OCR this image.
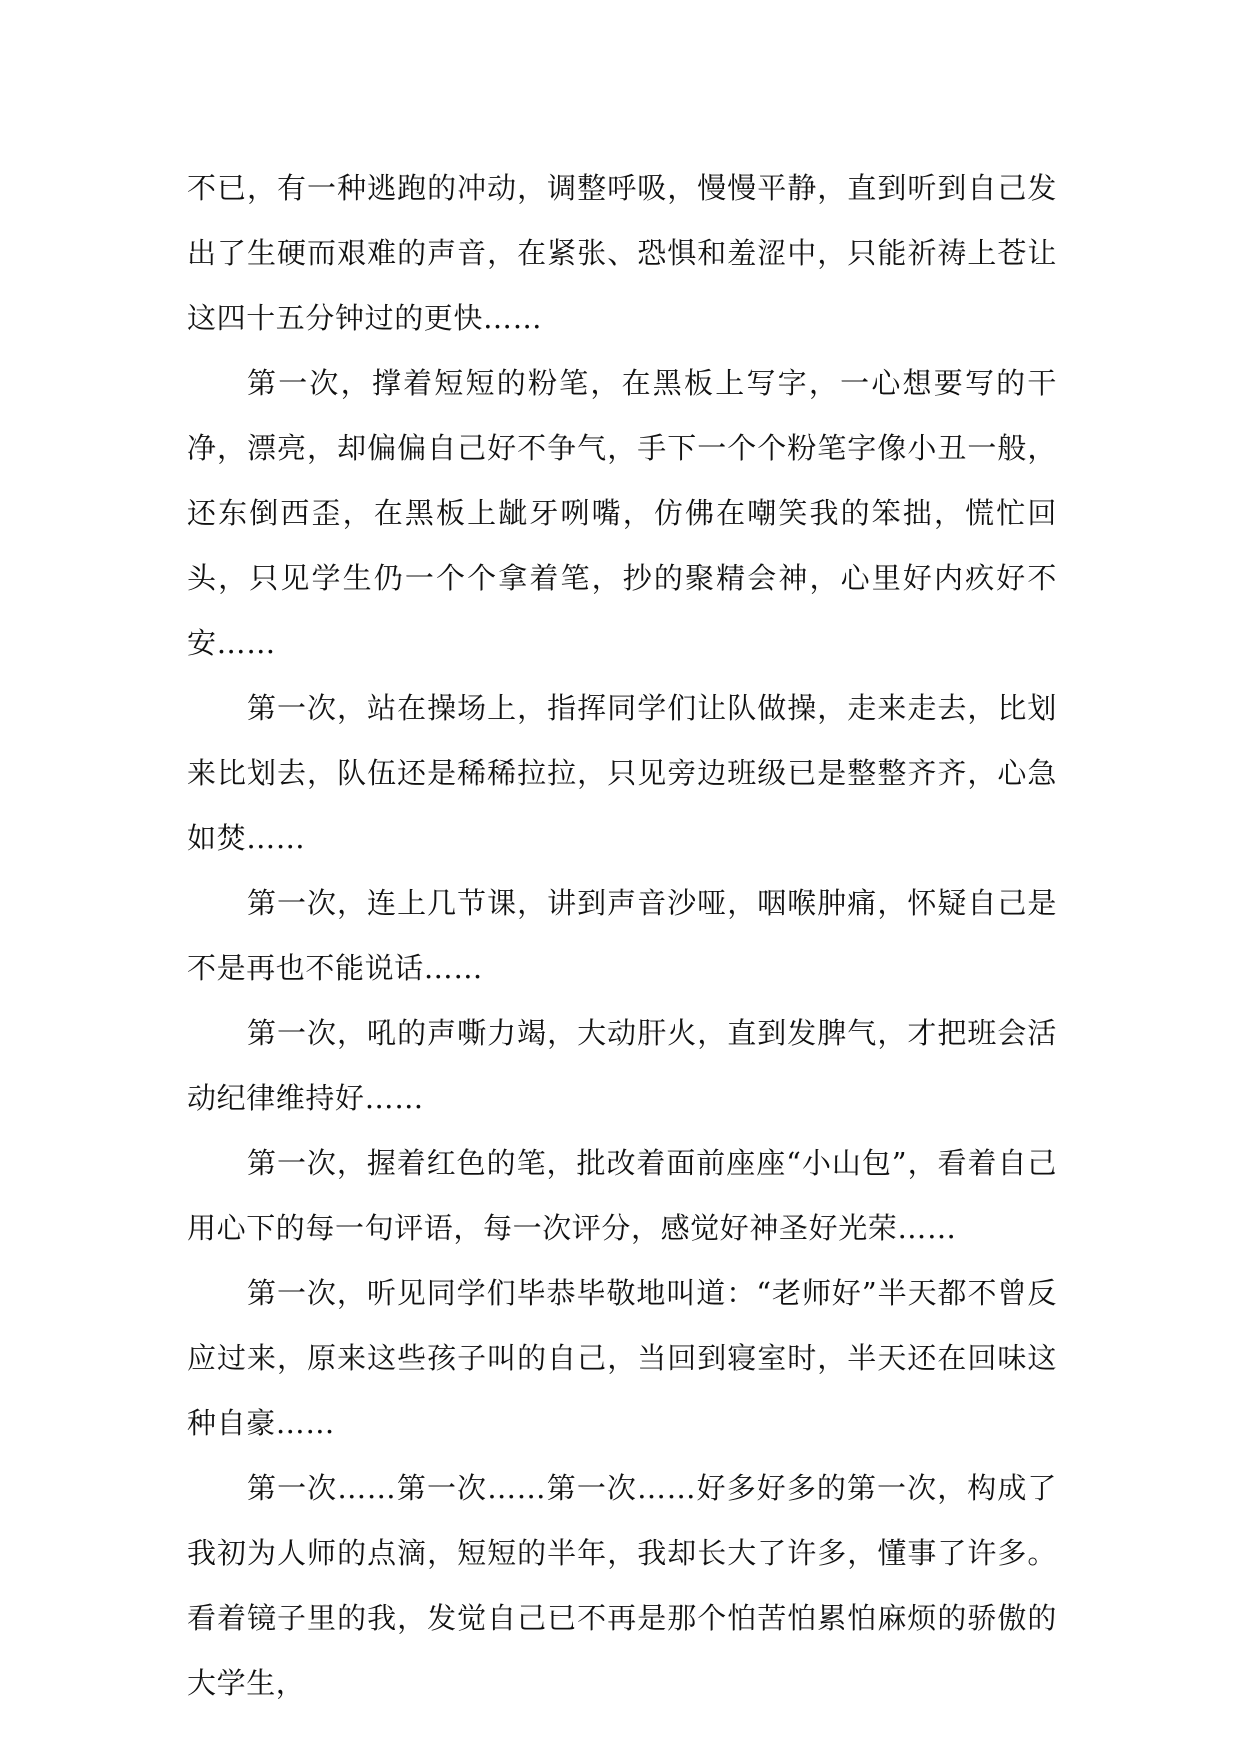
不已，有一种逃跑的冲动，调整呼吸，慢慢平静，直到听到自己发出了生硬而艰难的声音，在紧张、恐惧和羞涩中，只能祈祷上苍让这四十五分钟过的更快……

第一次，撑着短短的粉笔，在黑板上写字，一心想要写的干净，漂亮，却偏偏自己好不争气，手下一个个粉笔字像小丑一般，还东倒西歪，在黑板上龇牙咧嘴，仿佛在嘲笑我的笨拙，慌忙回头，只见学生仍一个个拿着笔，抄的聚精会神，心里好内疚好不安……

第一次，站在操场上，指挥同学们让队做操，走来走去，比划来比划去，队伍还是稀稀拉拉，只见旁边班级已是整整齐齐，心急如焚……

第一次，连上几节课，讲到声音沙哑，咽喉肿痛，怀疑自己是不是再也不能说话……

第一次，吼的声嘶力竭，大动肝火，直到发脾气，才把班会活动纪律维持好……

第一次，握着红色的笔，批改着面前座座“小山包”，看着自己用心下的每一句评语，每一次评分，感觉好神圣好光荣……

第一次，听见同学们毕恭毕敬地叫道：“老师好”半天都不曾反应过来，原来这些孩子叫的自己，当回到寝室时，半天还在回味这种自豪……

第一次……第一次……第一次……好多好多的第一次，构成了我初为人师的点滴，短短的半年，我却长大了许多，懂事了许多。看着镜子里的我，发觉自己已不再是那个怕苦怕累怕麻烦的骄傲的大学生，
